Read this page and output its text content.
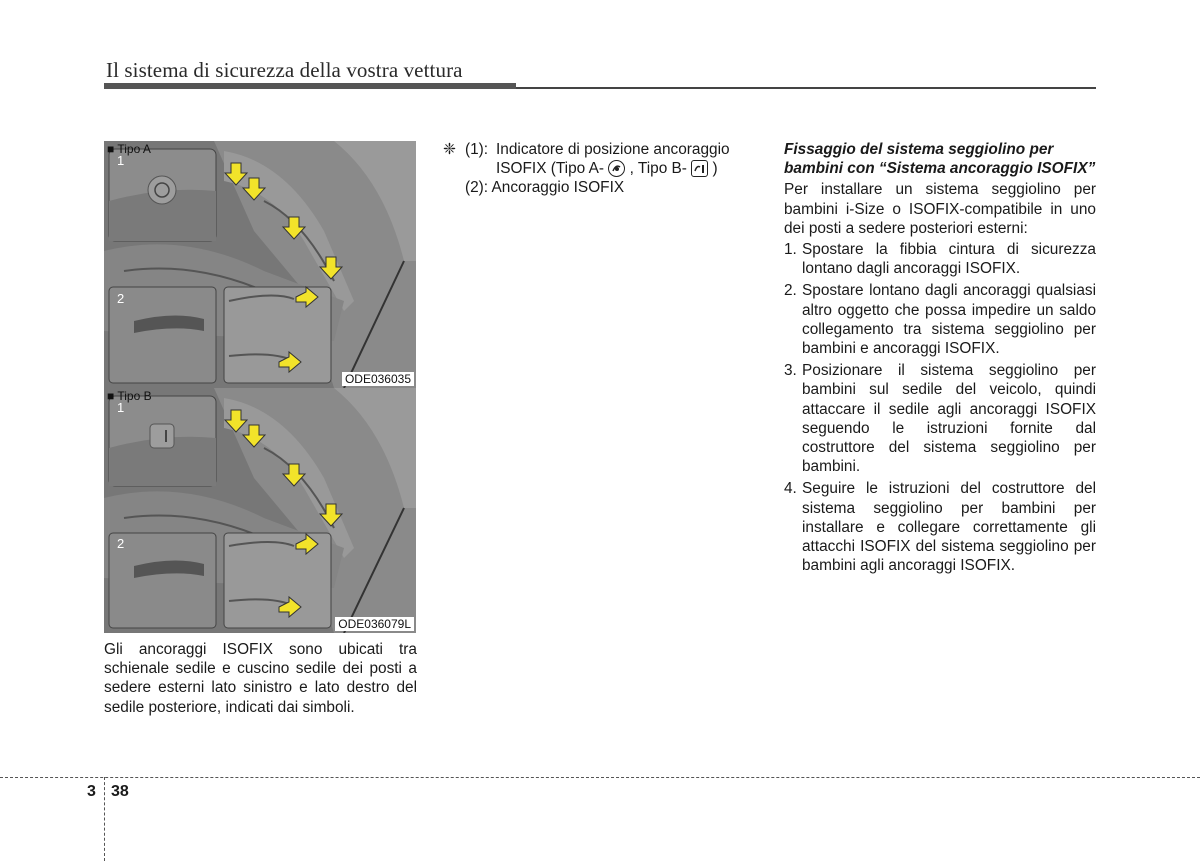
Il sistema di sicurezza della vostra vettura
■ Tipo A
1
2
ODE036035
■ Tipo B
1
2
ODE036079L
Gli ancoraggi ISOFIX sono ubicati tra schienale sedile e cuscino sedile dei posti a sedere esterni lato sinistro e lato destro del sedile posteriore, indicati dai simboli.
❈ (1): Indicatore di posizione ancoraggio
ISOFIX (Tipo A- , Tipo B- )
(2): Ancoraggio ISOFIX

Fissaggio del sistema seggiolino per bambini con “Sistema ancoraggio ISOFIX”

Per installare un sistema seggiolino per bambini i-Size o ISOFIX-compatibile in uno dei posti a sedere posteriori esterni:

1. Spostare la fibbia cintura di sicurezza lontano dagli ancoraggi ISOFIX.
2. Spostare lontano dagli ancoraggi qualsiasi altro oggetto che possa impedire un saldo collegamento tra sistema seggiolino per bambini e ancoraggi ISOFIX.
3. Posizionare il sistema seggiolino per bambini sul sedile del veicolo, quindi attaccare il sedile agli ancoraggi ISOFIX seguendo le istruzioni fornite dal costruttore del sistema seggiolino per bambini.
4. Seguire le istruzioni del costruttore del sistema seggiolino per bambini per installare e collegare correttamente gli attacchi ISOFIX del sistema seggiolino per bambini agli ancoraggi ISOFIX.
3 38
